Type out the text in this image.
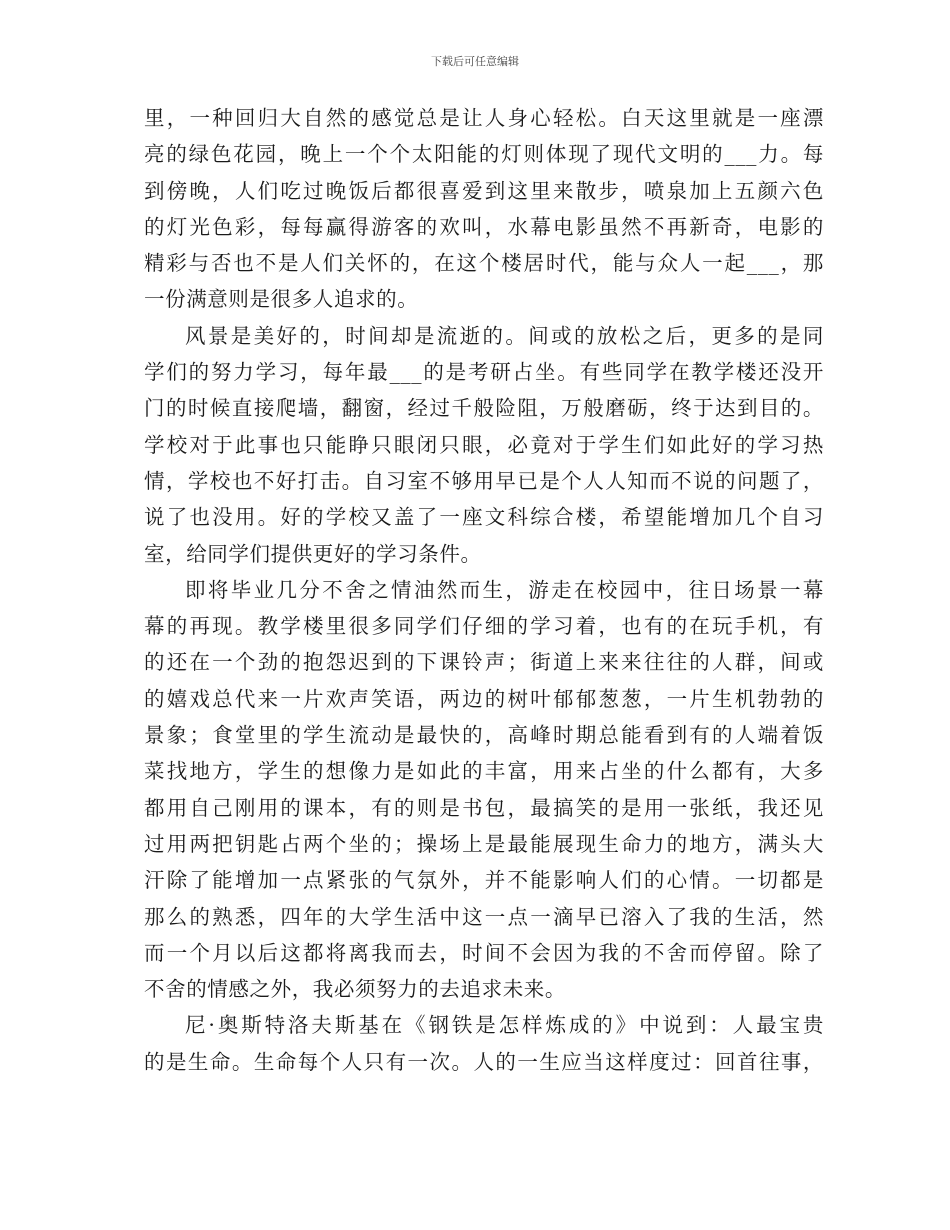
下载后可任意编辑
里，一种回归大自然的感觉总是让人身心轻松。白天这里就是一座漂
亮的绿色花园，晚上一个个太阳能的灯则体现了现代文明的___力。每
到傍晚，人们吃过晚饭后都很喜爱到这里来散步，喷泉加上五颜六色
的灯光色彩，每每赢得游客的欢叫，水幕电影虽然不再新奇，电影的
精彩与否也不是人们关怀的，在这个楼居时代，能与众人一起___，那
一份满意则是很多人追求的。
风景是美好的，时间却是流逝的。间或的放松之后，更多的是同
学们的努力学习，每年最___的是考研占坐。有些同学在教学楼还没开
门的时候直接爬墙，翻窗，经过千般险阻，万般磨砺，终于达到目的。
学校对于此事也只能睁只眼闭只眼，必竟对于学生们如此好的学习热
情，学校也不好打击。自习室不够用早已是个人人知而不说的问题了，
说了也没用。好的学校又盖了一座文科综合楼，希望能增加几个自习
室，给同学们提供更好的学习条件。
即将毕业几分不舍之情油然而生，游走在校园中，往日场景一幕
幕的再现。教学楼里很多同学们仔细的学习着，也有的在玩手机，有
的还在一个劲的抱怨迟到的下课铃声；街道上来来往往的人群，间或
的嬉戏总代来一片欢声笑语，两边的树叶郁郁葱葱，一片生机勃勃的
景象；食堂里的学生流动是最快的，高峰时期总能看到有的人端着饭
菜找地方，学生的想像力是如此的丰富，用来占坐的什么都有，大多
都用自己刚用的课本，有的则是书包，最搞笑的是用一张纸，我还见
过用两把钥匙占两个坐的；操场上是最能展现生命力的地方，满头大
汗除了能增加一点紧张的气氛外，并不能影响人们的心情。一切都是
那么的熟悉，四年的大学生活中这一点一滴早已溶入了我的生活，然
而一个月以后这都将离我而去，时间不会因为我的不舍而停留。除了
不舍的情感之外，我必须努力的去追求未来。
尼·奥斯特洛夫斯基在《钢铁是怎样炼成的》中说到：人最宝贵
的是生命。生命每个人只有一次。人的一生应当这样度过：回首往事，
